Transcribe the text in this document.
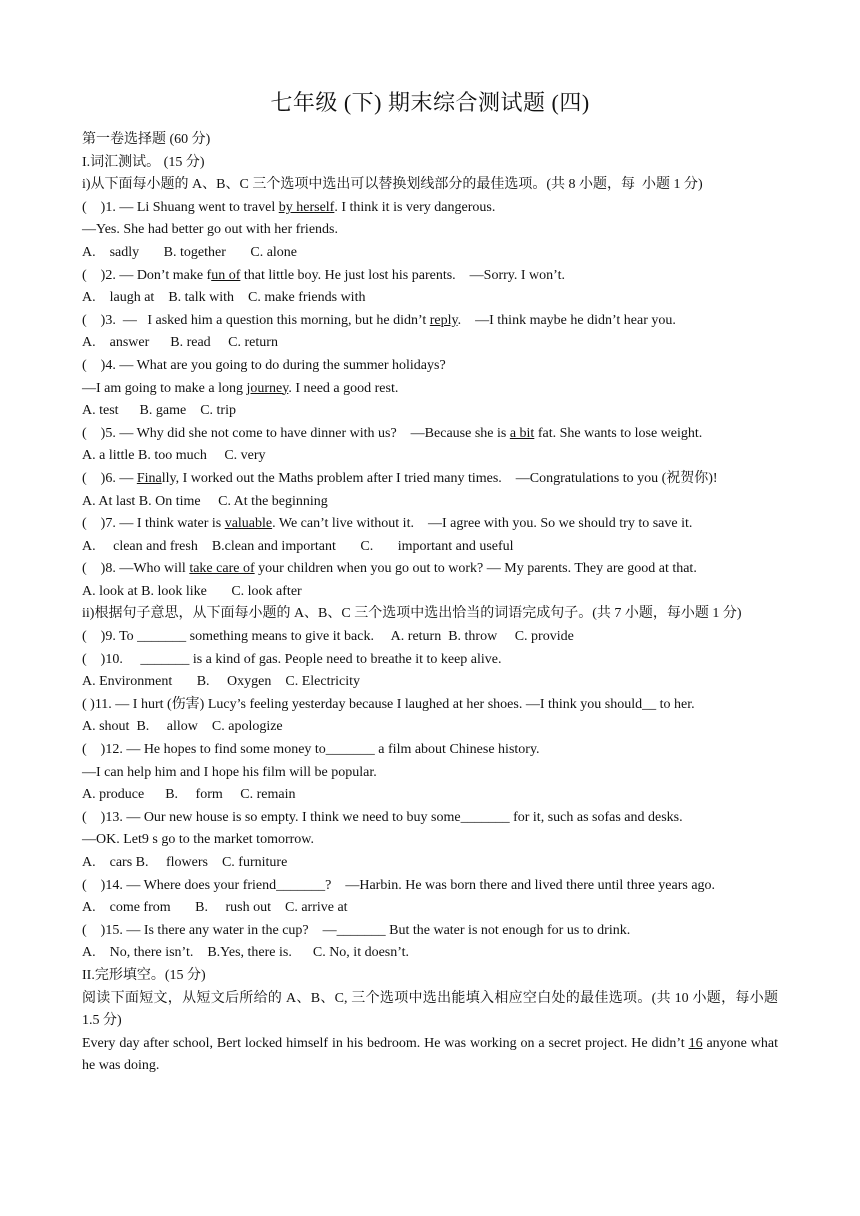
七年级 (下) 期末综合测试题 (四)
第一卷选择题 (60 分)
I.词汇测试。 (15 分)
i)从下面每小题的 A、B、C 三个选项中选出可以替换划线部分的最佳选项。(共 8 小题，每  小题 1 分)
(    )1. — Li Shuang went to travel by herself. I think it is very dangerous.
—Yes. She had better go out with her friends.
A.    sadly       B. together       C. alone
(    )2. — Don’t make fun of that little boy. He just lost his parents.    —Sorry. I won’t.
A.    laugh at    B. talk with    C. make friends with
(    )3.  —   I asked him a question this morning, but he didn’t reply.    —I think maybe he didn’t hear you.
A.    answer      B. read     C. return
(    )4. — What are you going to do during the summer holidays?
—I am going to make a long journey. I need a good rest.
A. test      B. game    C. trip
(    )5. — Why did she not come to have dinner with us?    —Because she is a bit fat. She wants to lose weight.
A. a little B. too much     C. very
(    )6. — Finally, I worked out the Maths problem after I tried many times.    —Congratulations to you (祝贺你)!
A. At last B. On time     C. At the beginning
(    )7. — I think water is valuable. We can’t live without it.    —I agree with you. So we should try to save it.
A.     clean and fresh    B.clean and important       C.       important and useful
(    )8. —Who will take care of your children when you go out to work? — My parents. They are good at that.
A. look at B. look like       C. look after
ii)根据句子意思，从下面每小题的 A、B、C 三个选项中选出恰当的词语完成句子。(共 7 小题，每小题 1 分)
(    )9. To _______ something means to give it back.     A. return  B. throw     C. provide
(    )10.     _______ is a kind of gas. People need to breathe it to keep alive.
A. Environment       B.     Oxygen    C. Electricity
( )11. — I hurt (伤害) Lucy’s feeling yesterday because I laughed at her shoes. —I think you should__ to her.
A. shout  B.     allow    C. apologize
(    )12. — He hopes to find some money to_______ a film about Chinese history.
—I can help him and I hope his film will be popular.
A. produce      B.     form     C. remain
(    )13. — Our new house is so empty. I think we need to buy some_______ for it, such as sofas and desks.
—OK. Let9 s go to the market tomorrow.
A.    cars B.     flowers    C. furniture
(    )14. — Where does your friend_______?    —Harbin. He was born there and lived there until three years ago.
A.    come from       B.     rush out    C. arrive at
(    )15. — Is there any water in the cup?    —_______ But the water is not enough for us to drink.
A.    No, there isn’t.    B.Yes, there is.      C. No, it doesn’t.
II.完形填空。(15 分)
阅读下面短文，从短文后所给的 A、B、C, 三个选项中选出能填入相应空白处的最佳选项。(共 10 小题，每小题 1.5 分)
Every day after school, Bert locked himself in his bedroom. He was working on a secret project. He didn’t 16 anyone what he was doing.
